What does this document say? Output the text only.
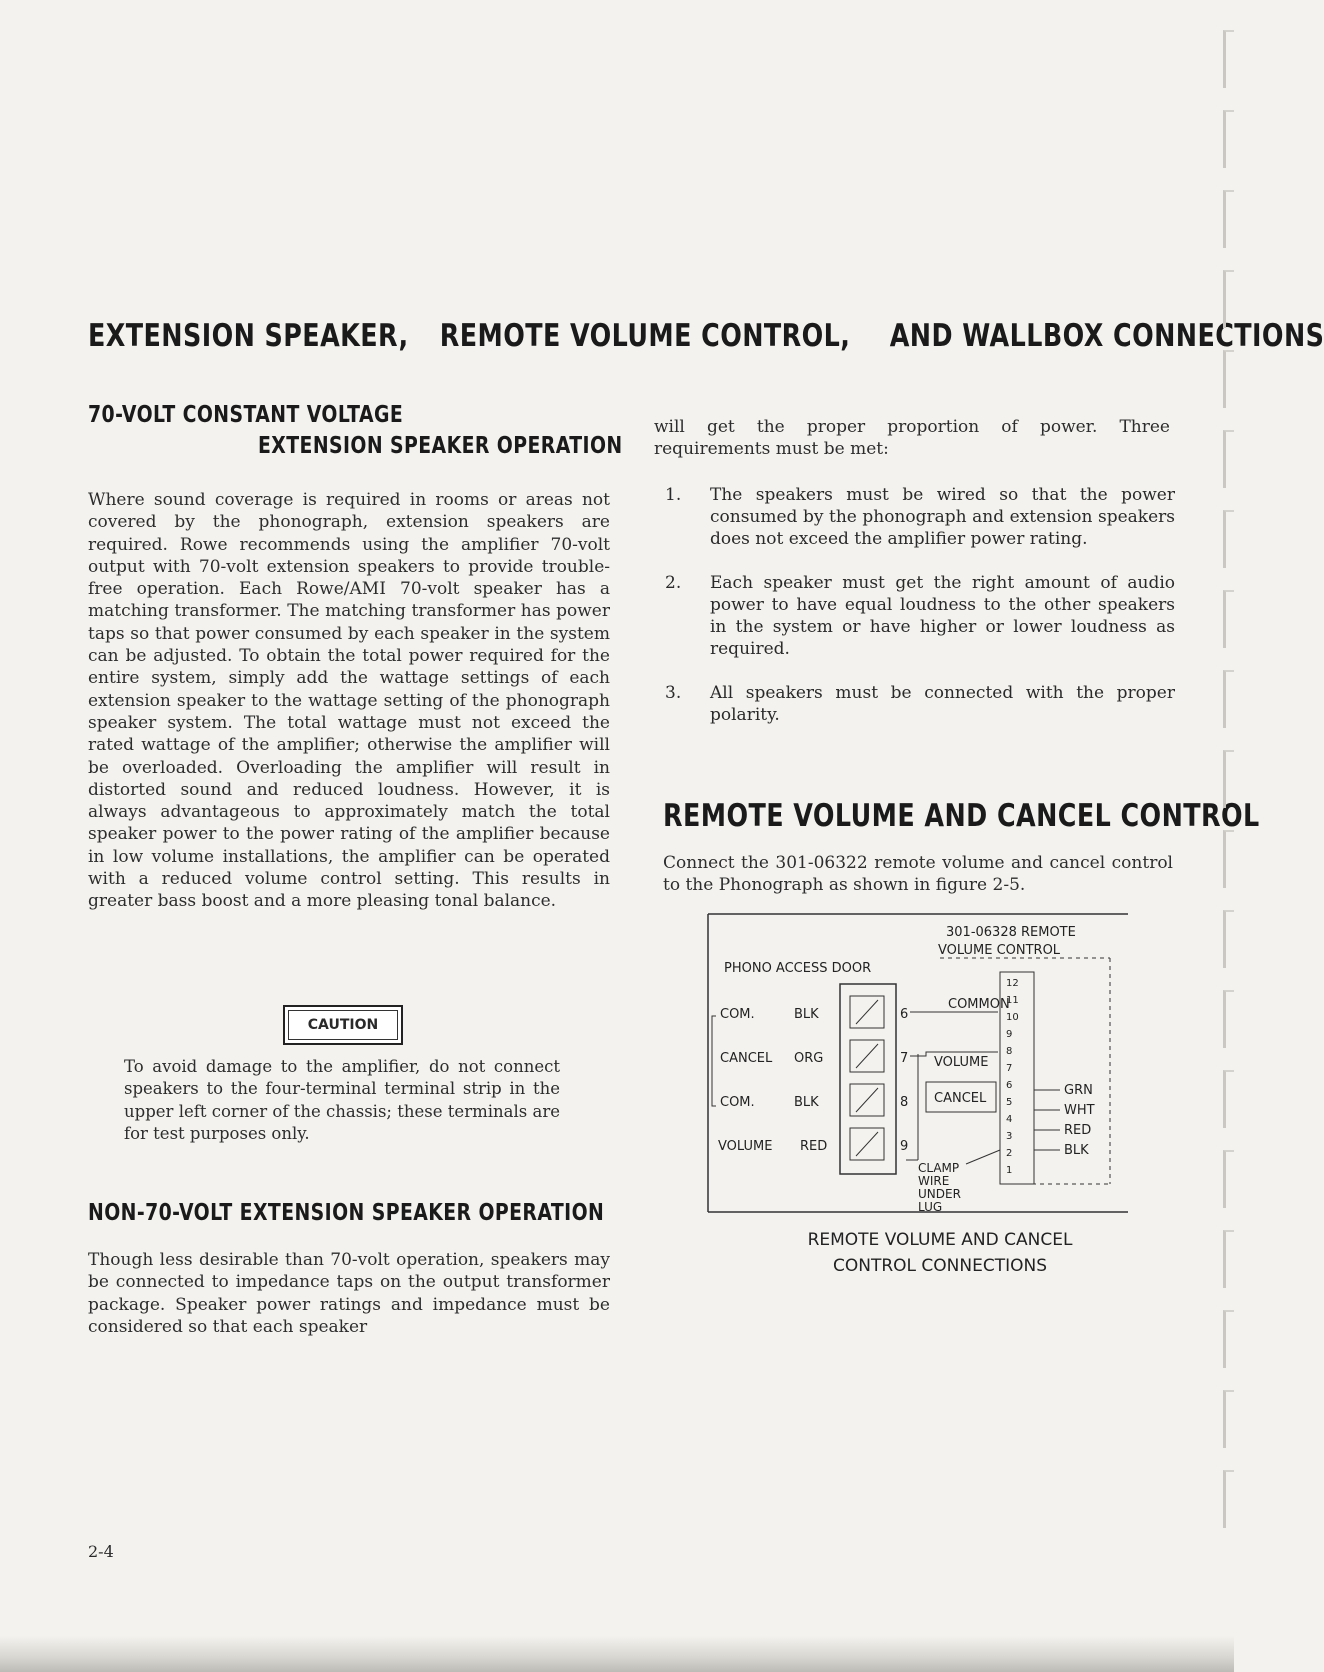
EXTENSION SPEAKER, REMOTE VOLUME CONTROL, AND WALLBOX CONNECTIONS
70-VOLT CONSTANT VOLTAGE
EXTENSION SPEAKER OPERATION
Where sound coverage is required in rooms or areas not covered by the phonograph, extension speakers are required. Rowe recommends using the amplifier 70-volt output with 70-volt extension speakers to provide trouble-free operation. Each Rowe/AMI 70-volt speaker has a matching transformer. The matching transformer has power taps so that power consumed by each speaker in the system can be adjusted. To obtain the total power required for the entire system, simply add the wattage settings of each extension speaker to the wattage setting of the phonograph speaker system. The total wattage must not exceed the rated wattage of the amplifier; otherwise the amplifier will be overloaded. Overloading the amplifier will result in distorted sound and reduced loudness. However, it is always advantageous to approximately match the total speaker power to the power rating of the amplifier because in low volume installations, the amplifier can be operated with a reduced volume control setting. This results in greater bass boost and a more pleasing tonal balance.
CAUTION
To avoid damage to the amplifier, do not connect speakers to the four-terminal terminal strip in the upper left corner of the chassis; these terminals are for test purposes only.
NON-70-VOLT EXTENSION SPEAKER OPERATION
Though less desirable than 70-volt operation, speakers may be connected to impedance taps on the output transformer package. Speaker power ratings and impedance must be considered so that each speaker
will get the proper proportion of power. Three requirements must be met:
1.	The speakers must be wired so that the power consumed by the phonograph and extension speakers does not exceed the amplifier power rating.
2.	Each speaker must get the right amount of audio power to have equal loudness to the other speakers in the system or have higher or lower loudness as required.
3.	All speakers must be connected with the proper polarity.
REMOTE VOLUME AND CANCEL CONTROL
Connect the 301-06322 remote volume and cancel control to the Phonograph as shown in figure 2-5.
301-06328 REMOTE
VOLUME CONTROL
PHONO ACCESS DOOR
COM.	BLK	6
CANCEL ORG	7
COM.	BLK	8
VOLUME RED	9
COMMON
VOLUME
CANCEL
12
11
10
9
8
7
6
5
4
3
2
1
GRN
WHT
RED
BLK
CLAMP
WIRE
UNDER
LUG
REMOTE VOLUME AND CANCEL
CONTROL CONNECTIONS
2-4
